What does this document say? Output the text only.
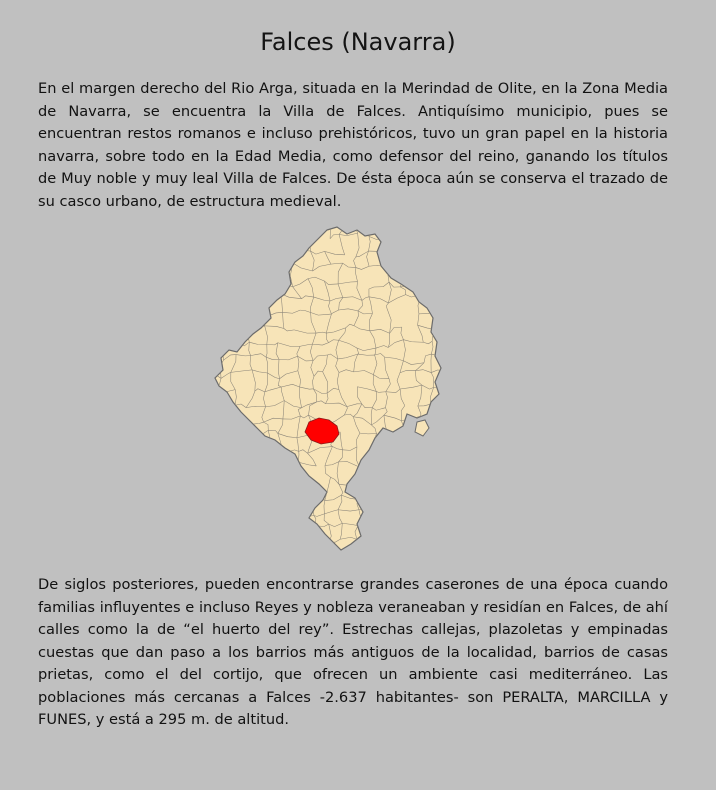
Falces (Navarra)

En el margen derecho del Rio Arga, situada en la Merindad de Olite, en la Zona Media de Navarra, se encuentra la Villa de Falces. Antiquísimo municipio, pues se encuentran restos romanos e incluso prehistóricos, tuvo un gran papel en la historia navarra, sobre todo en la Edad Media, como defensor del reino, ganando los títulos de Muy noble y muy leal Villa de Falces. De ésta época aún se conserva el trazado de su casco urbano, de estructura medieval.

De siglos posteriores, pueden encontrarse grandes caserones de una época cuando familias influyentes e incluso Reyes y nobleza veraneaban y residían en Falces, de ahí calles como la de “el huerto del rey”. Estrechas callejas, plazoletas y empinadas cuestas que dan paso a los barrios más antiguos de la localidad, barrios de casas prietas, como el del cortijo, que ofrecen un ambiente casi mediterráneo. Las poblaciones más cercanas a Falces -2.637 habitantes- son PERALTA, MARCILLA y FUNES, y está a 295 m. de altitud.
